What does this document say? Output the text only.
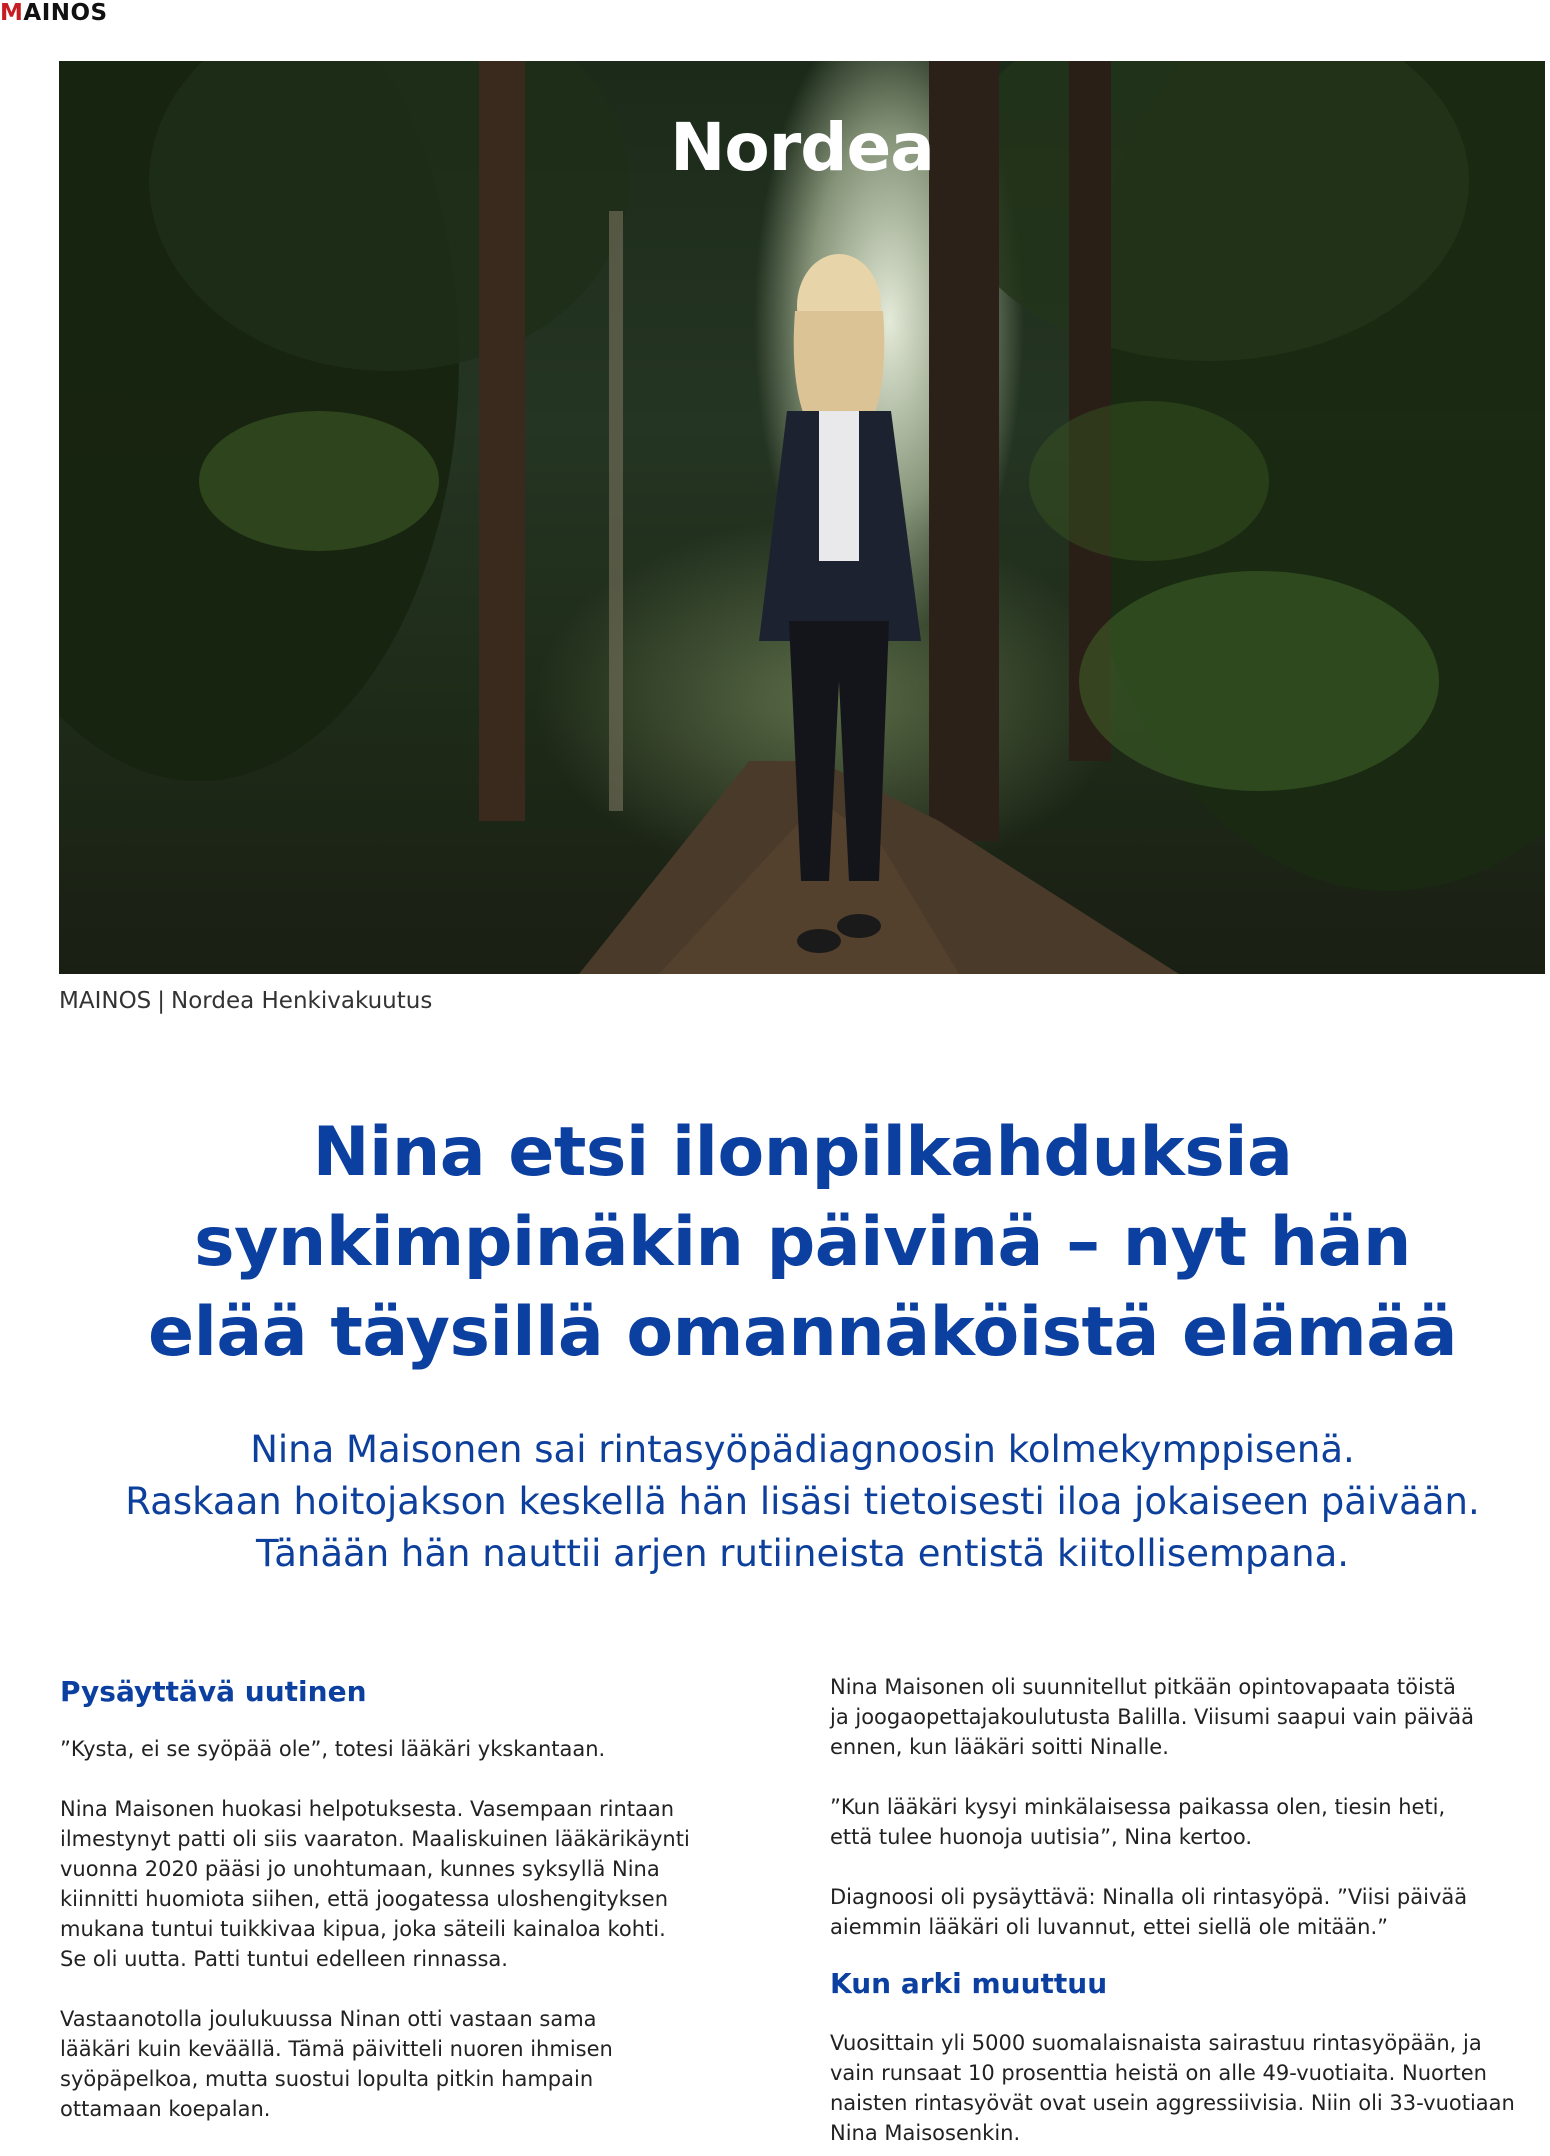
MAINOS
Nordea
MAINOS | Nordea Henkivakuutus
Nina etsi ilonpilkahduksia
synkimpinäkin päivinä – nyt hän
elää täysillä omannäköistä elämää
Nina Maisonen sai rintasyöpädiagnoosin kolmekymppisenä.
Raskaan hoitojakson keskellä hän lisäsi tietoisesti iloa jokaiseen päivään.
Tänään hän nauttii arjen rutiineista entistä kiitollisempana.
Pysäyttävä uutinen

”Kysta, ei se syöpää ole”, totesi lääkäri ykskantaan.

Nina Maisonen huokasi helpotuksesta. Vasempaan rintaan
ilmestynyt patti oli siis vaaraton. Maaliskuinen lääkärikäynti
vuonna 2020 pääsi jo unohtumaan, kunnes syksyllä Nina
kiinnitti huomiota siihen, että joogatessa uloshengityksen
mukana tuntui tuikkivaa kipua, joka säteili kainaloa kohti.
Se oli uutta. Patti tuntui edelleen rinnassa.

Vastaanotolla joulukuussa Ninan otti vastaan sama
lääkäri kuin keväällä. Tämä päivitteli nuoren ihmisen
syöpäpelkoa, mutta suostui lopulta pitkin hampain
ottamaan koepalan.

Nina Maisonen oli suunnitellut pitkään opintovapaata töistä
ja joogaopettajakoulutusta Balilla. Viisumi saapui vain päivää
ennen, kun lääkäri soitti Ninalle.

”Kun lääkäri kysyi minkälaisessa paikassa olen, tiesin heti,
että tulee huonoja uutisia”, Nina kertoo.

Diagnoosi oli pysäyttävä: Ninalla oli rintasyöpä. ”Viisi päivää
aiemmin lääkäri oli luvannut, ettei siellä ole mitään.”

Kun arki muuttuu

Vuosittain yli 5000 suomalaisnaista sairastuu rintasyöpään, ja
vain runsaat 10 prosenttia heistä on alle 49-vuotiaita. Nuorten
naisten rintasyövät ovat usein aggressiivisia. Niin oli 33-vuotiaan
Nina Maisosenkin.
